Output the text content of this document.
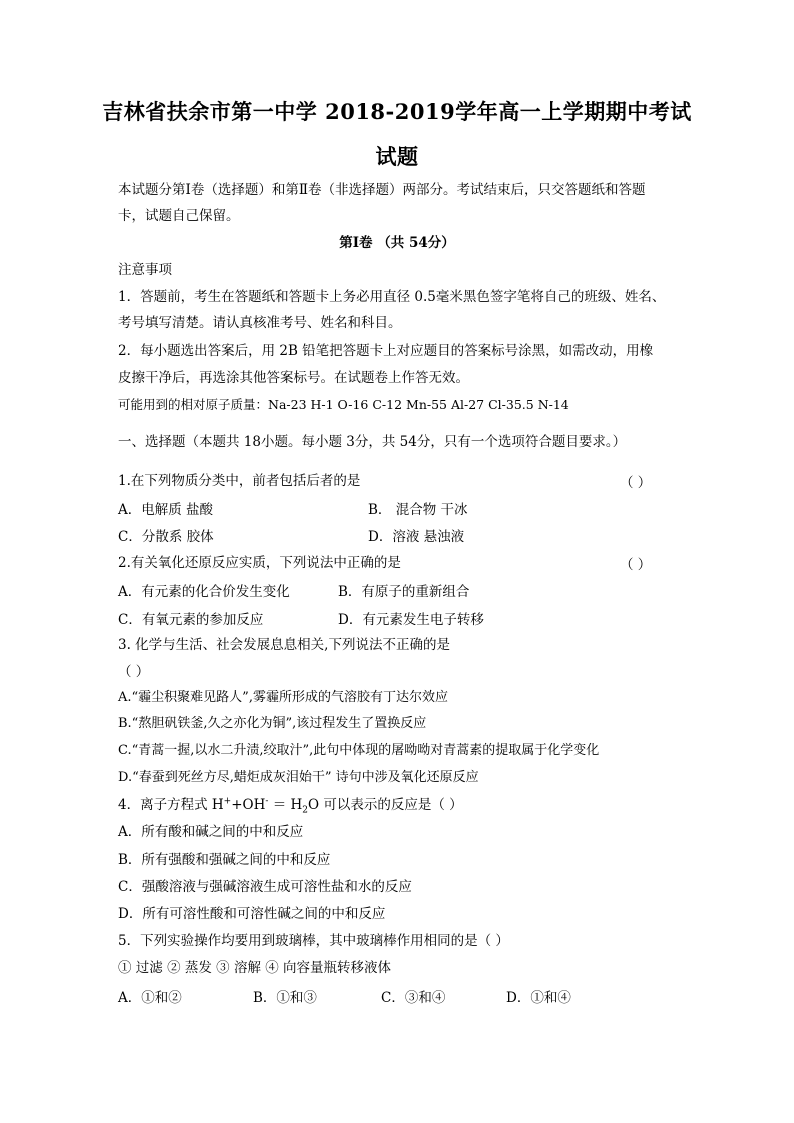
吉林省扶余市第一中学 2018-2019学年高一上学期期中考试
试题
本试题分第Ⅰ卷（选择题）和第Ⅱ卷（非选择题）两部分。考试结束后，只交答题纸和答题
卡，试题自己保留。
第Ⅰ卷 （共 54分）
注意事项
1．答题前，考生在答题纸和答题卡上务必用直径 0.5毫米黑色签字笔将自己的班级、姓名、
考号填写清楚。请认真核准考号、姓名和科目。
2．每小题选出答案后，用 2B 铅笔把答题卡上对应题目的答案标号涂黑，如需改动，用橡
皮擦干净后，再选涂其他答案标号。在试题卷上作答无效。
可能用到的相对原子质量：Na-23 H-1 O-16 C-12 Mn-55 Al-27 Cl-35.5 N-14
一、选择题（本题共 18小题。每小题 3分，共 54分，只有一个选项符合题目要求。）
1.在下列物质分类中，前者包括后者的是	（ ）
A．电解质 盐酸	B． 混合物 干冰
C．分散系 胶体	D．溶液 悬浊液
2.有关氧化还原反应实质，下列说法中正确的是	（ ）
A．有元素的化合价发生变化	B．有原子的重新组合
C．有氧元素的参加反应	D．有元素发生电子转移
3. 化学与生活、社会发展息息相关,下列说法不正确的是
（ ）
A.“霾尘积聚难见路人”,雾霾所形成的气溶胶有丁达尔效应
B.“熬胆矾铁釜,久之亦化为铜”,该过程发生了置换反应
C.“青蒿一握,以水二升渍,绞取汁”,此句中体现的屠呦呦对青蒿素的提取属于化学变化
D.“春蚕到死丝方尽,蜡炬成灰泪始干” 诗句中涉及氧化还原反应
4．离子方程式 $H^++OH^- = H_2O$ 可以表示的反应是（ ）
A．所有酸和碱之间的中和反应
B．所有强酸和强碱之间的中和反应
C．强酸溶液与强碱溶液生成可溶性盐和水的反应
D．所有可溶性酸和可溶性碱之间的中和反应
5．下列实验操作均要用到玻璃棒，其中玻璃棒作用相同的是（ ）
① 过滤 ② 蒸发 ③ 溶解 ④ 向容量瓶转移液体
A．①和②	B．①和③	C．③和④	D．①和④
